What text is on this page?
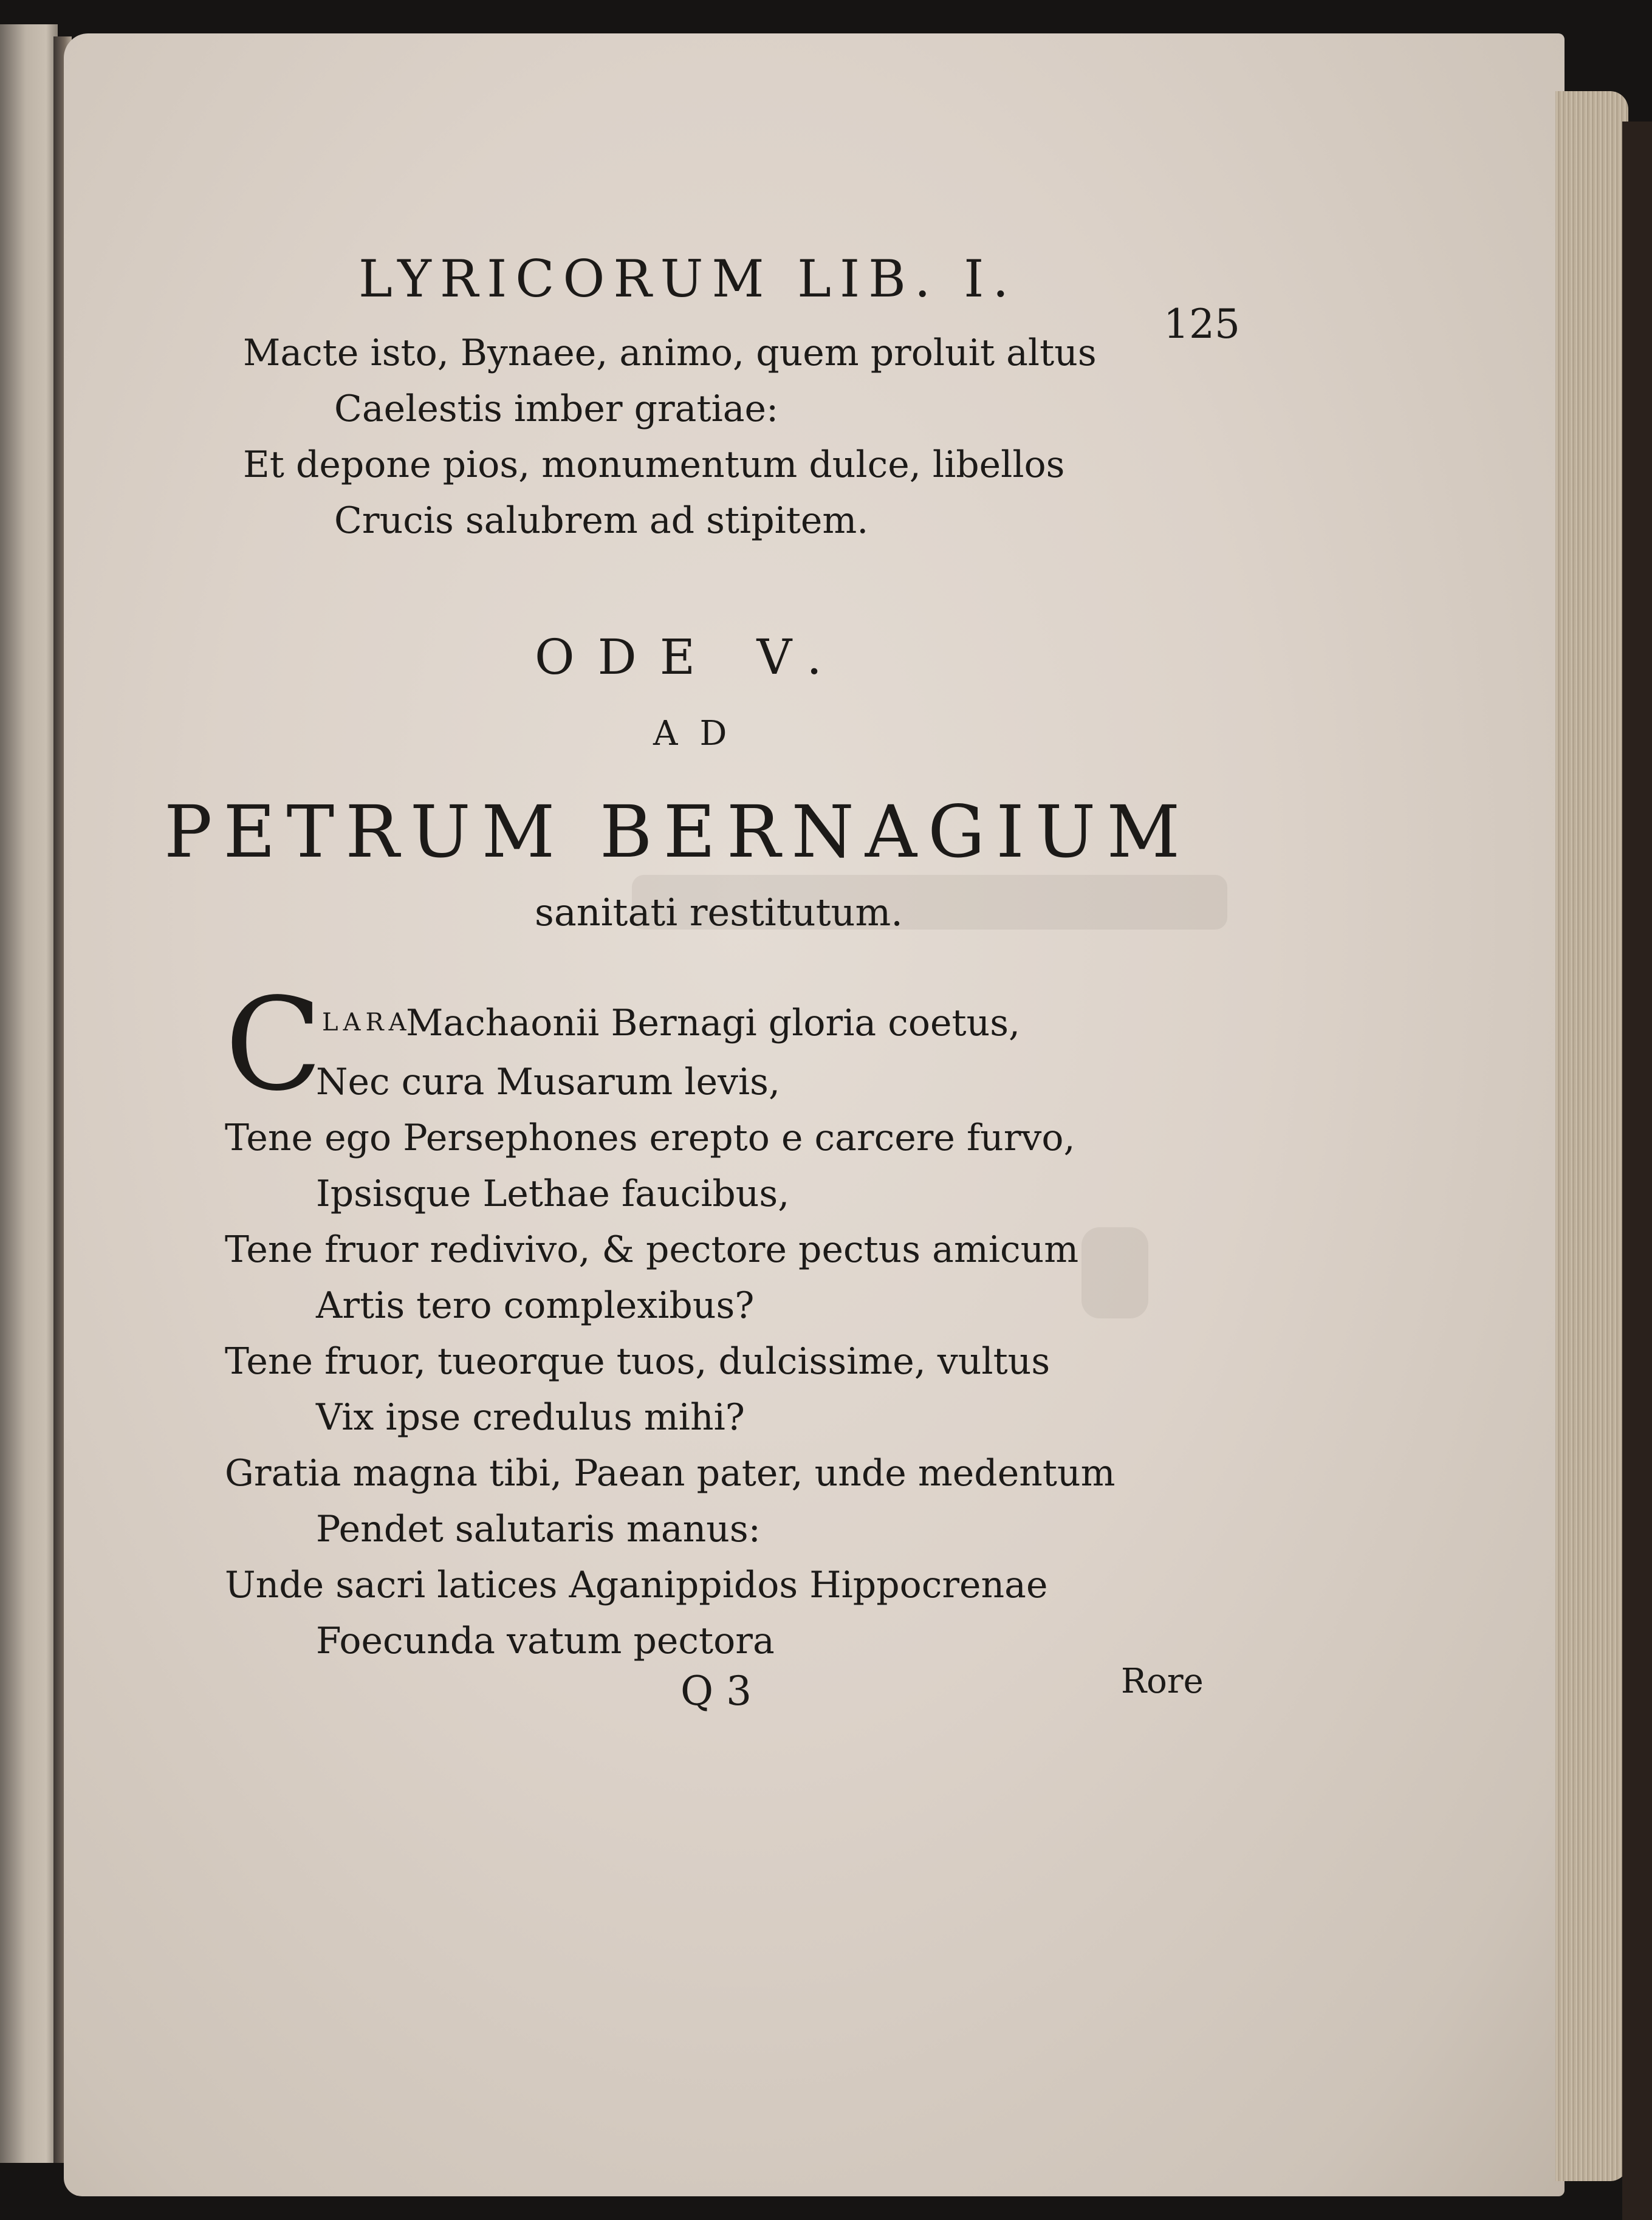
LYRICORUM LIB. I.
125
Macte isto, Bynaee, animo, quem proluit altus
Caelestis imber gratiae:
Et depone pios, monumentum dulce, libellos
Crucis salubrem ad stipitem.
ODE V.
AD
PETRUM BERNAGIUM
sanitati restitutum.
C LARA
Machaonii Bernagi gloria coetus,
Nec cura Musarum levis,
Tene ego Persephones erepto e carcere furvo,
Ipsisque Lethae faucibus,
Tene fruor redivivo, & pectore pectus amicum
Artis tero complexibus?
Tene fruor, tueorque tuos, dulcissime, vultus
Vix ipse credulus mihi?
Gratia magna tibi, Paean pater, unde medentum
Pendet salutaris manus:
Unde sacri latices Aganippidos Hippocrenae
Foecunda vatum pectora
Q 3	Rore
